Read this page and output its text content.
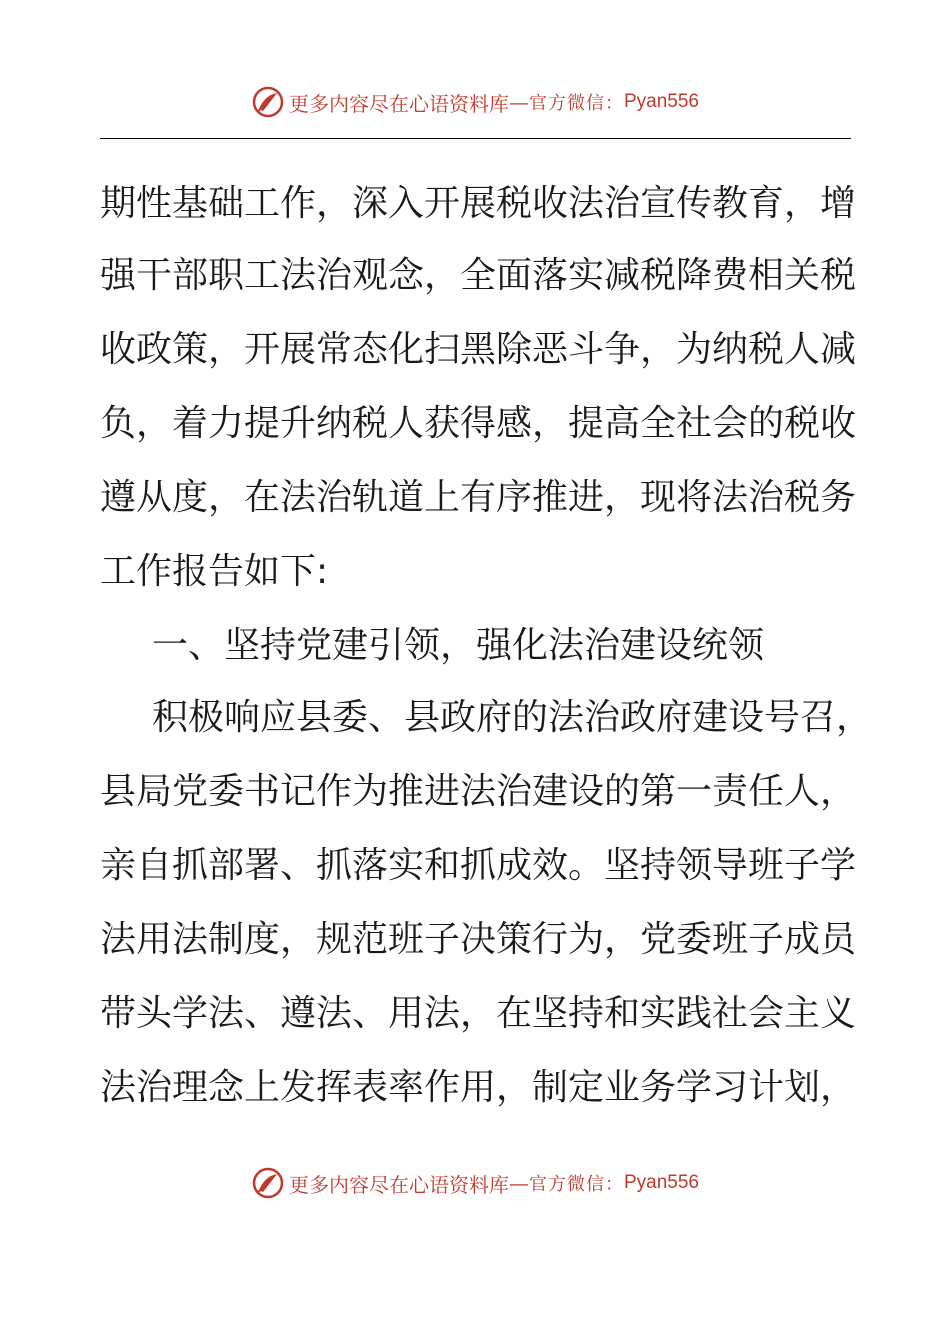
更多内容尽在心语资料库 — 官方微信： Pyan556
期性基础工作，深入开展税收法治宣传教育，增
强干部职工法治观念，全面落实减税降费相关税
收政策，开展常态化扫黑除恶斗争，为纳税人减
负，着力提升纳税人获得感，提高全社会的税收
遵从度，在法治轨道上有序推进，现将法治税务
工作报告如下:
一、坚持党建引领，强化法治建设统领
积极响应县委、县政府的法治政府建设号召，
县局党委书记作为推进法治建设的第一责任人，
亲自抓部署、抓落实和抓成效。坚持领导班子学
法用法制度，规范班子决策行为，党委班子成员
带头学法、遵法、用法，在坚持和实践社会主义
法治理念上发挥表率作用，制定业务学习计划，
更多内容尽在心语资料库 — 官方微信： Pyan556
